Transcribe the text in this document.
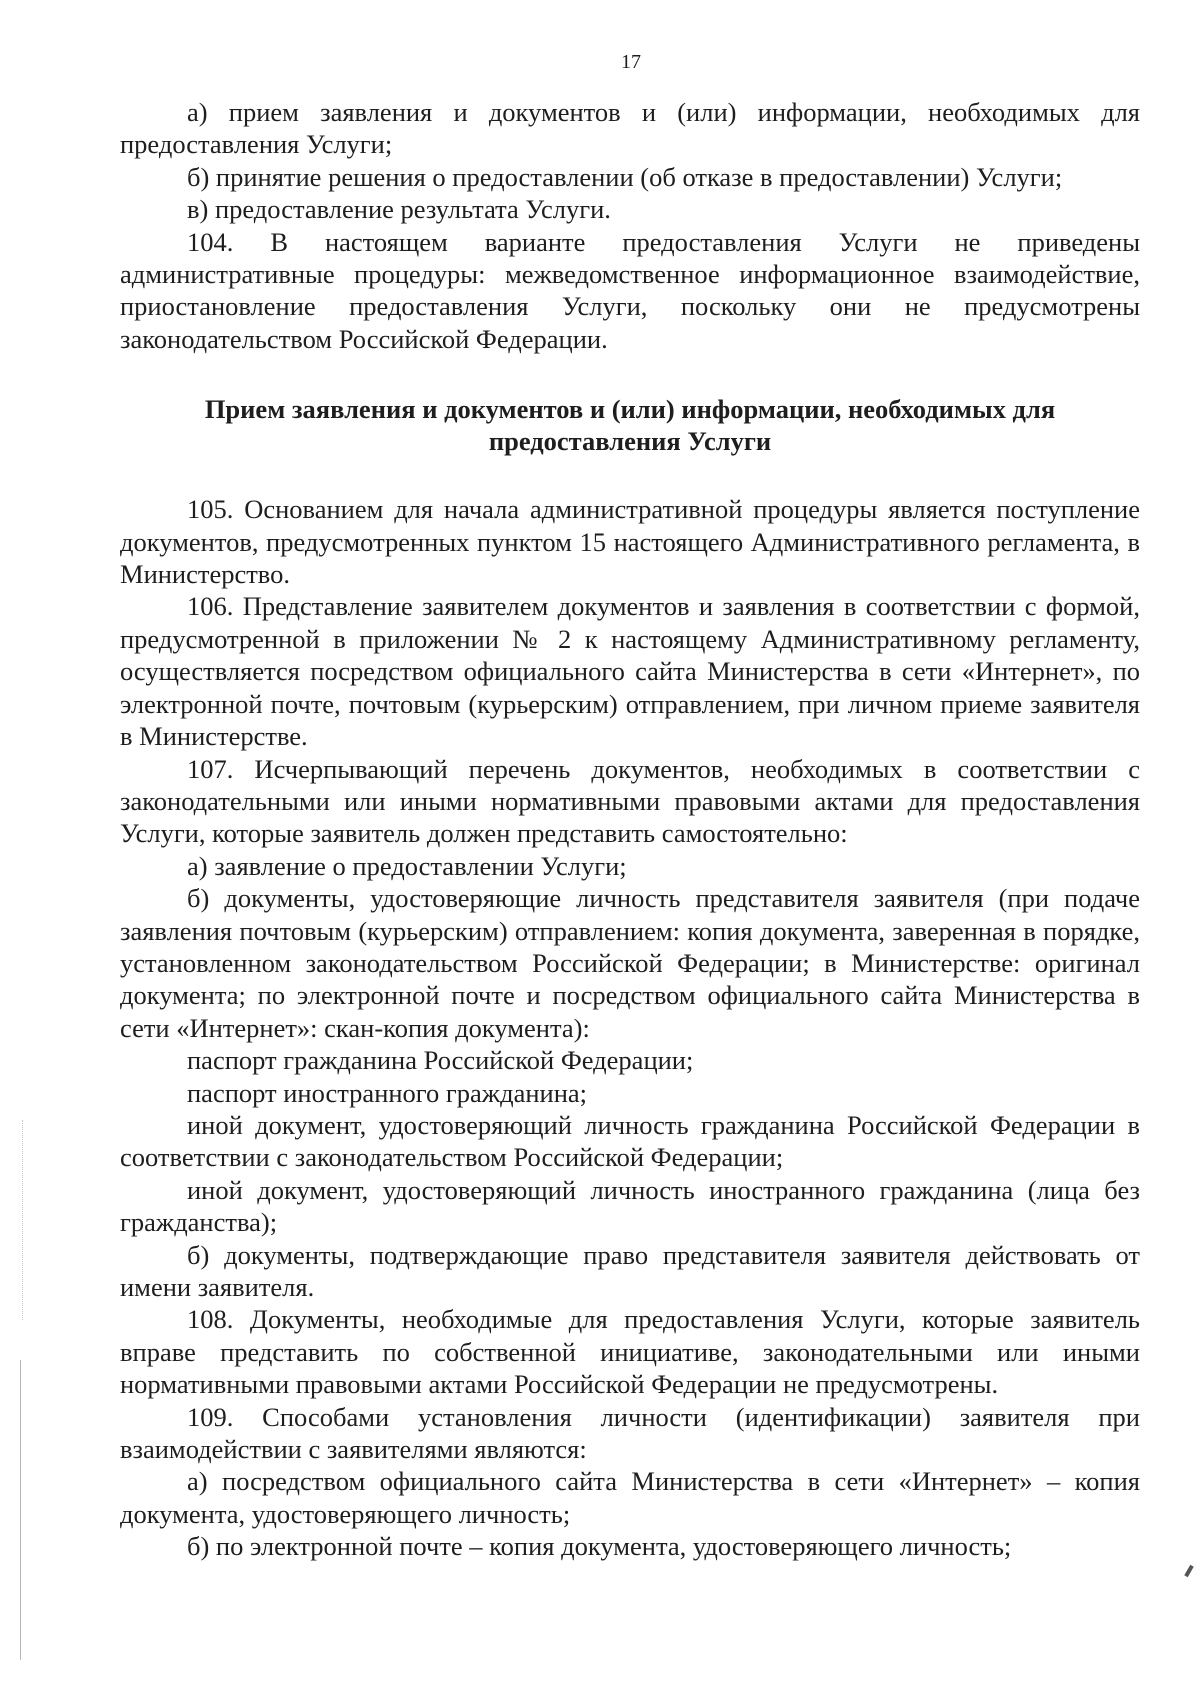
17

а) прием заявления и документов и (или) информации, необходимых для предоставления Услуги;

б) принятие решения о предоставлении (об отказе в предоставлении) Услуги;

в) предоставление результата Услуги.

104. В настоящем варианте предоставления Услуги не приведены административные процедуры: межведомственное информационное взаимодействие, приостановление предоставления Услуги, поскольку они не предусмотрены законодательством Российской Федерации.

Прием заявления и документов и (или) информации, необходимых для предоставления Услуги

105. Основанием для начала административной процедуры является поступление документов, предусмотренных пунктом 15 настоящего Административного регламента, в Министерство.

106. Представление заявителем документов и заявления в соответствии с формой, предусмотренной в приложении № 2 к настоящему Административному регламенту, осуществляется посредством официального сайта Министерства в сети «Интернет», по электронной почте, почтовым (курьерским) отправлением, при личном приеме заявителя в Министерстве.

107. Исчерпывающий перечень документов, необходимых в соответствии с законодательными или иными нормативными правовыми актами для предоставления Услуги, которые заявитель должен представить самостоятельно:

а) заявление о предоставлении Услуги;

б) документы, удостоверяющие личность представителя заявителя (при подаче заявления почтовым (курьерским) отправлением: копия документа, заверенная в порядке, установленном законодательством Российской Федерации; в Министерстве: оригинал документа; по электронной почте и посредством официального сайта Министерства в сети «Интернет»: скан-копия документа):

паспорт гражданина Российской Федерации;

паспорт иностранного гражданина;

иной документ, удостоверяющий личность гражданина Российской Федерации в соответствии с законодательством Российской Федерации;

иной документ, удостоверяющий личность иностранного гражданина (лица без гражданства);

б) документы, подтверждающие право представителя заявителя действовать от имени заявителя.

108. Документы, необходимые для предоставления Услуги, которые заявитель вправе представить по собственной инициативе, законодательными или иными нормативными правовыми актами Российской Федерации не предусмотрены.

109. Способами установления личности (идентификации) заявителя при взаимодействии с заявителями являются:

а) посредством официального сайта Министерства в сети «Интернет» – копия документа, удостоверяющего личность;

б) по электронной почте – копия документа, удостоверяющего личность;
